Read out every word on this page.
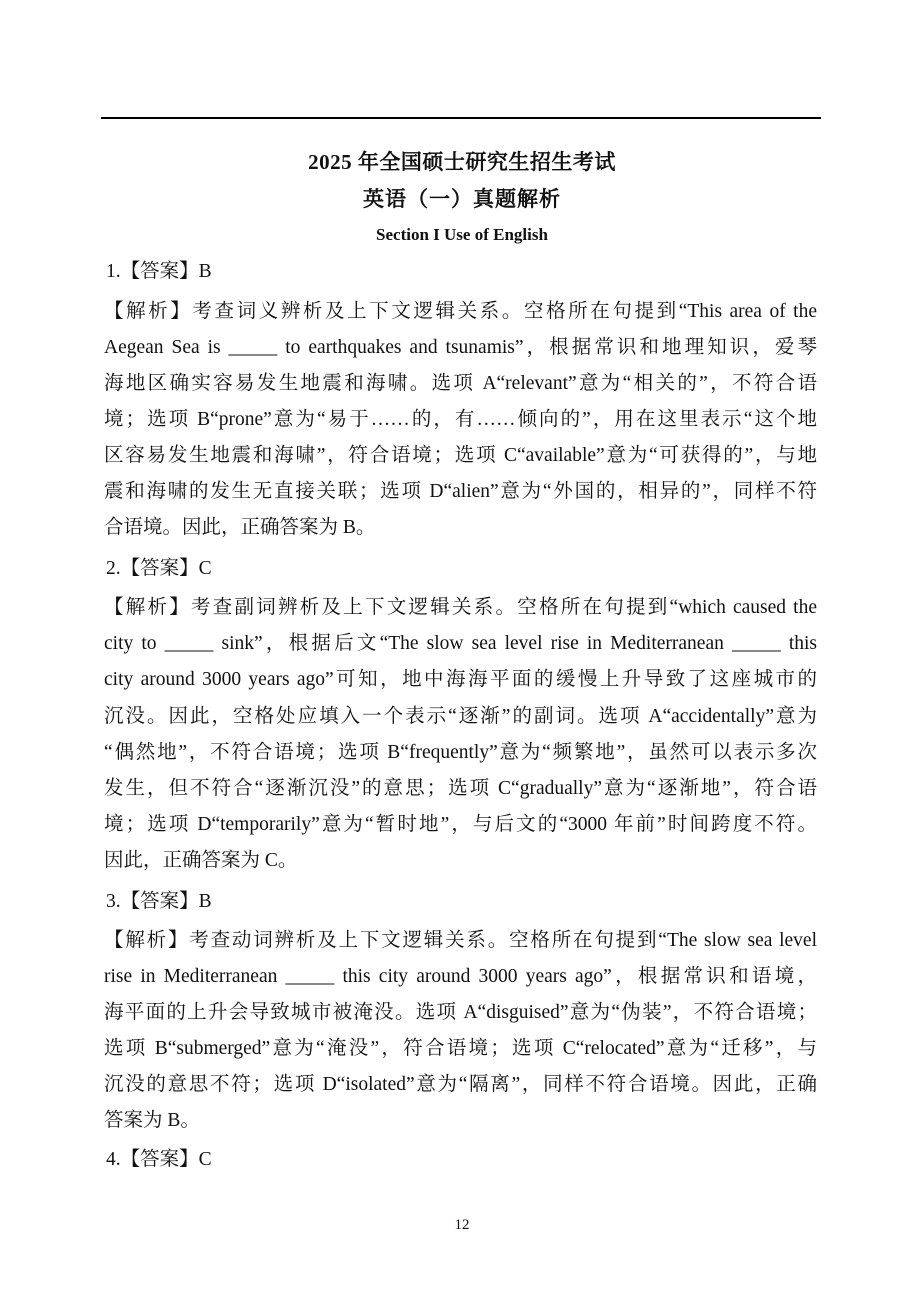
2025 年全国硕士研究生招生考试
英语（一）真题解析
Section I Use of English
1.【答案】B
【解析】考查词义辨析及上下文逻辑关系。空格所在句提到“This area of the
Aegean Sea is _____ to earthquakes and tsunamis”，根据常识和地理知识，爱琴
海地区确实容易发生地震和海啸。选项 A“relevant”意为“相关的”，不符合语
境；选项 B“prone”意为“易于……的，有……倾向的”，用在这里表示“这个地
区容易发生地震和海啸”，符合语境；选项 C“available”意为“可获得的”，与地
震和海啸的发生无直接关联；选项 D“alien”意为“外国的，相异的”，同样不符
合语境。因此，正确答案为 B。
2.【答案】C
【解析】考查副词辨析及上下文逻辑关系。空格所在句提到“which caused the
city to _____ sink”，根据后文“The slow sea level rise in Mediterranean _____ this
city around 3000 years ago”可知，地中海海平面的缓慢上升导致了这座城市的
沉没。因此，空格处应填入一个表示“逐渐”的副词。选项 A“accidentally”意为
“偶然地”，不符合语境；选项 B“frequently”意为“频繁地”，虽然可以表示多次
发生，但不符合“逐渐沉没”的意思；选项 C“gradually”意为“逐渐地”，符合语
境；选项 D“temporarily”意为“暂时地”，与后文的“3000 年前”时间跨度不符。
因此，正确答案为 C。
3.【答案】B
【解析】考查动词辨析及上下文逻辑关系。空格所在句提到“The slow sea level
rise in Mediterranean _____ this city around 3000 years ago”，根据常识和语境，
海平面的上升会导致城市被淹没。选项 A“disguised”意为“伪装”，不符合语境；
选项 B“submerged”意为“淹没”，符合语境；选项 C“relocated”意为“迁移”，与
沉没的意思不符；选项 D“isolated”意为“隔离”，同样不符合语境。因此，正确
答案为 B。
4.【答案】C
12
